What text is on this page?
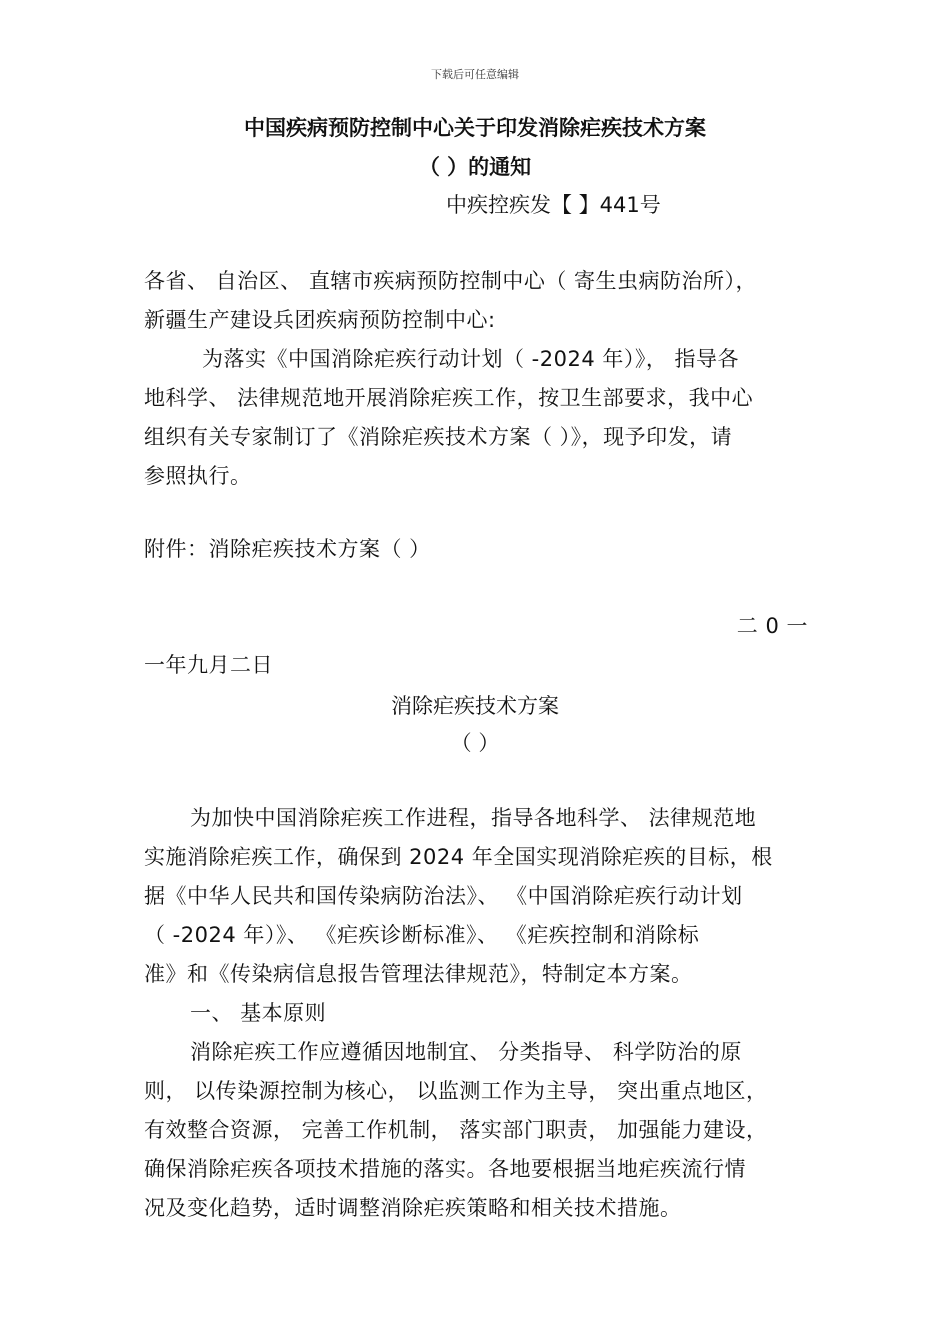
下载后可任意编辑
中国疾病预防控制中心关于印发消除疟疾技术方案
（ ）的通知
中疾控疾发【 】441号
各省、 自治区、 直辖市疾病预防控制中心（ 寄生虫病防治所），
新疆生产建设兵团疾病预防控制中心:
为落实《中国消除疟疾行动计划（ -2024 年）》， 指导各
地科学、 法律规范地开展消除疟疾工作，按卫生部要求，我中心
组织有关专家制订了《消除疟疾技术方案（ ）》，现予印发，请
参照执行。
附件：消除疟疾技术方案（ ）
二 0 一
一年九月二日
消除疟疾技术方案
（ ）
为加快中国消除疟疾工作进程，指导各地科学、 法律规范地
实施消除疟疾工作，确保到 2024 年全国实现消除疟疾的目标，根
据《中华人民共和国传染病防治法》、 《中国消除疟疾行动计划
（ -2024 年）》、 《疟疾诊断标准》、 《疟疾控制和消除标
准》和《传染病信息报告管理法律规范》，特制定本方案。
一、 基本原则
消除疟疾工作应遵循因地制宜、 分类指导、 科学防治的原
则， 以传染源控制为核心， 以监测工作为主导， 突出重点地区，
有效整合资源， 完善工作机制， 落实部门职责， 加强能力建设，
确保消除疟疾各项技术措施的落实。各地要根据当地疟疾流行情
况及变化趋势，适时调整消除疟疾策略和相关技术措施。
